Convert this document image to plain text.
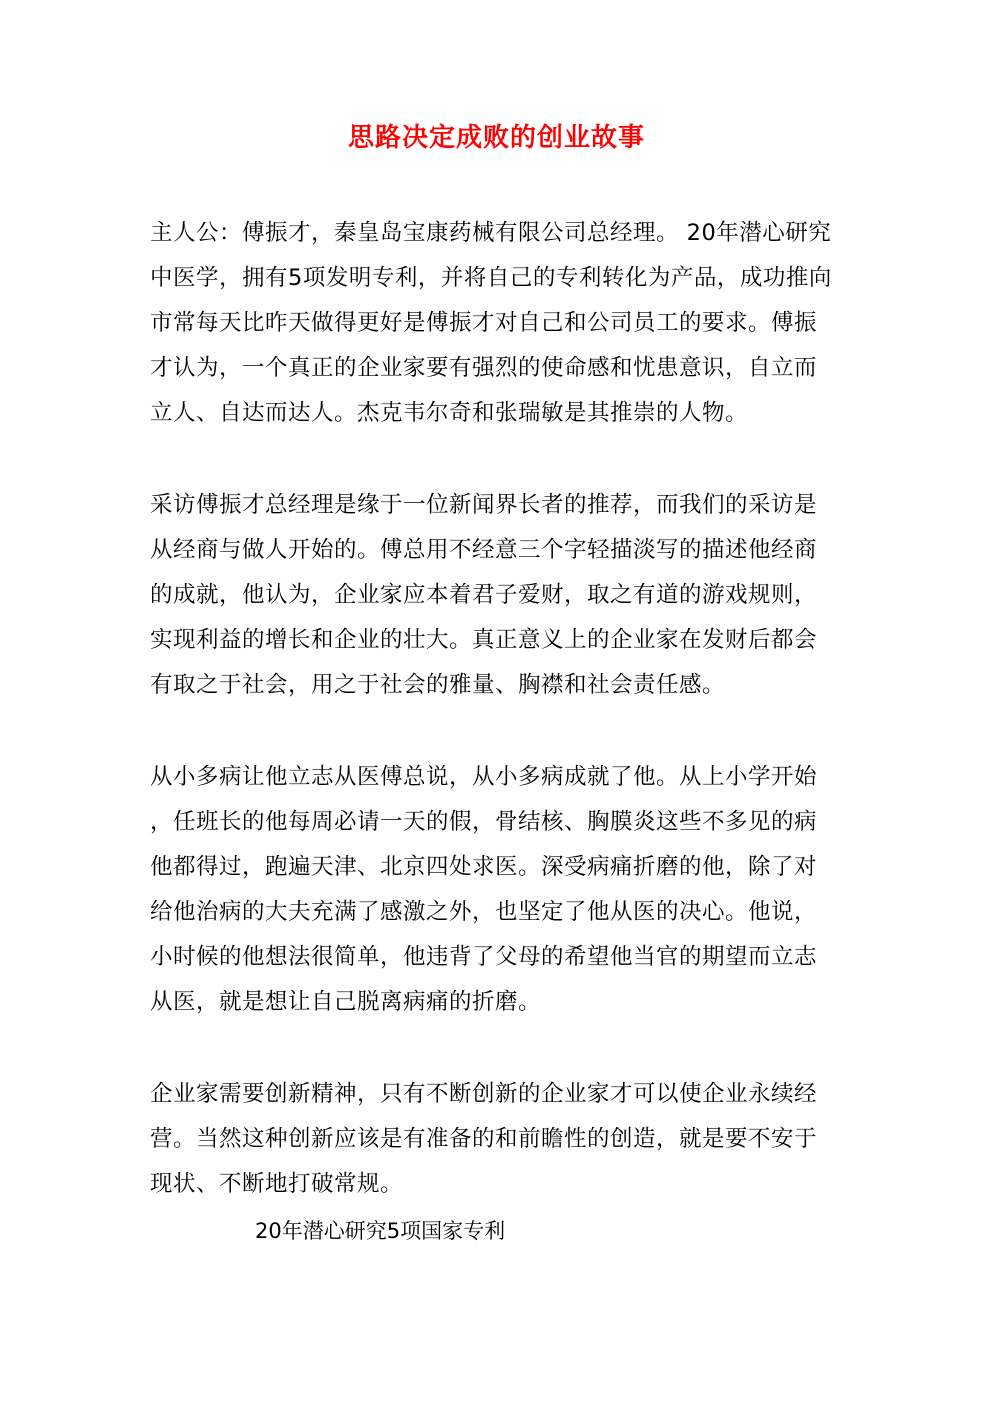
思路决定成败的创业故事
主人公：傅振才，秦皇岛宝康药械有限公司总经理。 20年潜心研究
中医学，拥有5项发明专利，并将自己的专利转化为产品，成功推向
市常每天比昨天做得更好是傅振才对自己和公司员工的要求。傅振
才认为，一个真正的企业家要有强烈的使命感和忧患意识，自立而
立人、自达而达人。杰克韦尔奇和张瑞敏是其推崇的人物。
采访傅振才总经理是缘于一位新闻界长者的推荐，而我们的采访是
从经商与做人开始的。傅总用不经意三个字轻描淡写的描述他经商
的成就，他认为，企业家应本着君子爱财，取之有道的游戏规则，
实现利益的增长和企业的壮大。真正意义上的企业家在发财后都会
有取之于社会，用之于社会的雅量、胸襟和社会责任感。
从小多病让他立志从医傅总说，从小多病成就了他。从上小学开始
，任班长的他每周必请一天的假，骨结核、胸膜炎这些不多见的病
他都得过，跑遍天津、北京四处求医。深受病痛折磨的他，除了对
给他治病的大夫充满了感激之外，也坚定了他从医的决心。他说，
小时候的他想法很简单，他违背了父母的希望他当官的期望而立志
从医，就是想让自己脱离病痛的折磨。
企业家需要创新精神，只有不断创新的企业家才可以使企业永续经
营。当然这种创新应该是有准备的和前瞻性的创造，就是要不安于
现状、不断地打破常规。
20年潜心研究5项国家专利
